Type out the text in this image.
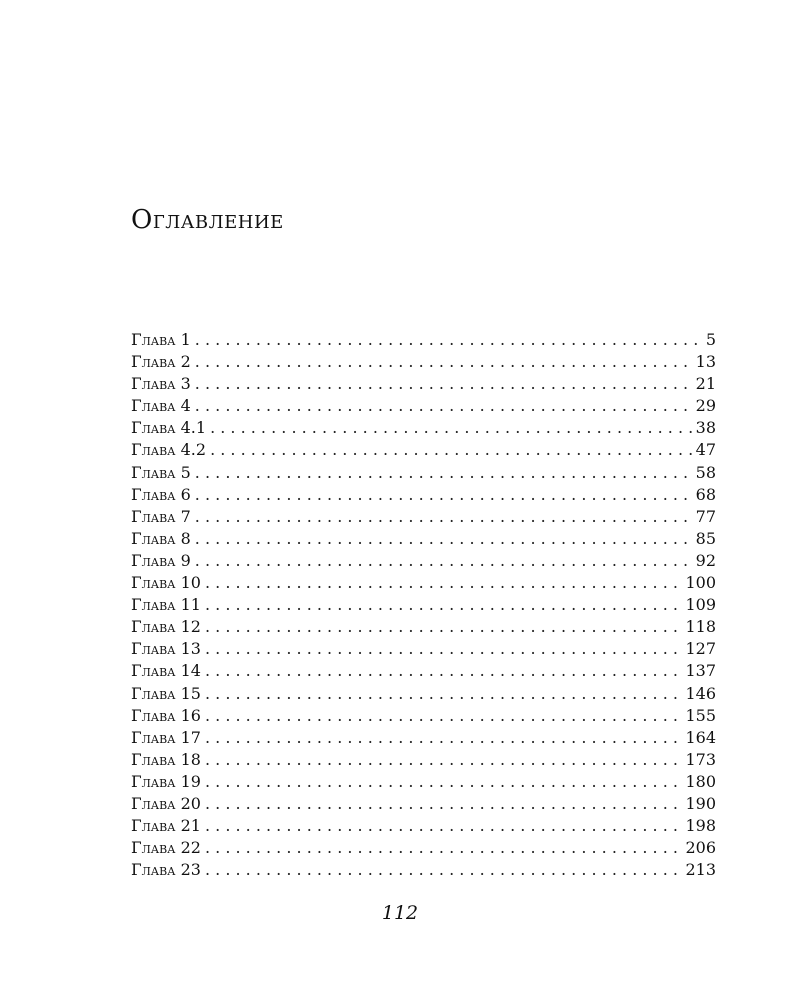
Оглавление
Глава 1 . . .	5
Глава 2 . . .	13
Глава 3 . . .	21
Глава 4 . . .	29
Глава 4.1 . . .	38
Глава 4.2 . . .	47
Глава 5 . . .	58
Глава 6 . . .	68
Глава 7 . . .	77
Глава 8 . . .	85
Глава 9 . . .	92
Глава 10 . . .	100
Глава 11 . . .	109
Глава 12 . . .	118
Глава 13 . . .	127
Глава 14 . . .	137
Глава 15 . . .	146
Глава 16 . . .	155
Глава 17 . . .	164
Глава 18 . . .	173
Глава 19 . . .	180
Глава 20 . . .	190
Глава 21 . . .	198
Глава 22 . . .	206
Глава 23 . . .	213
112
